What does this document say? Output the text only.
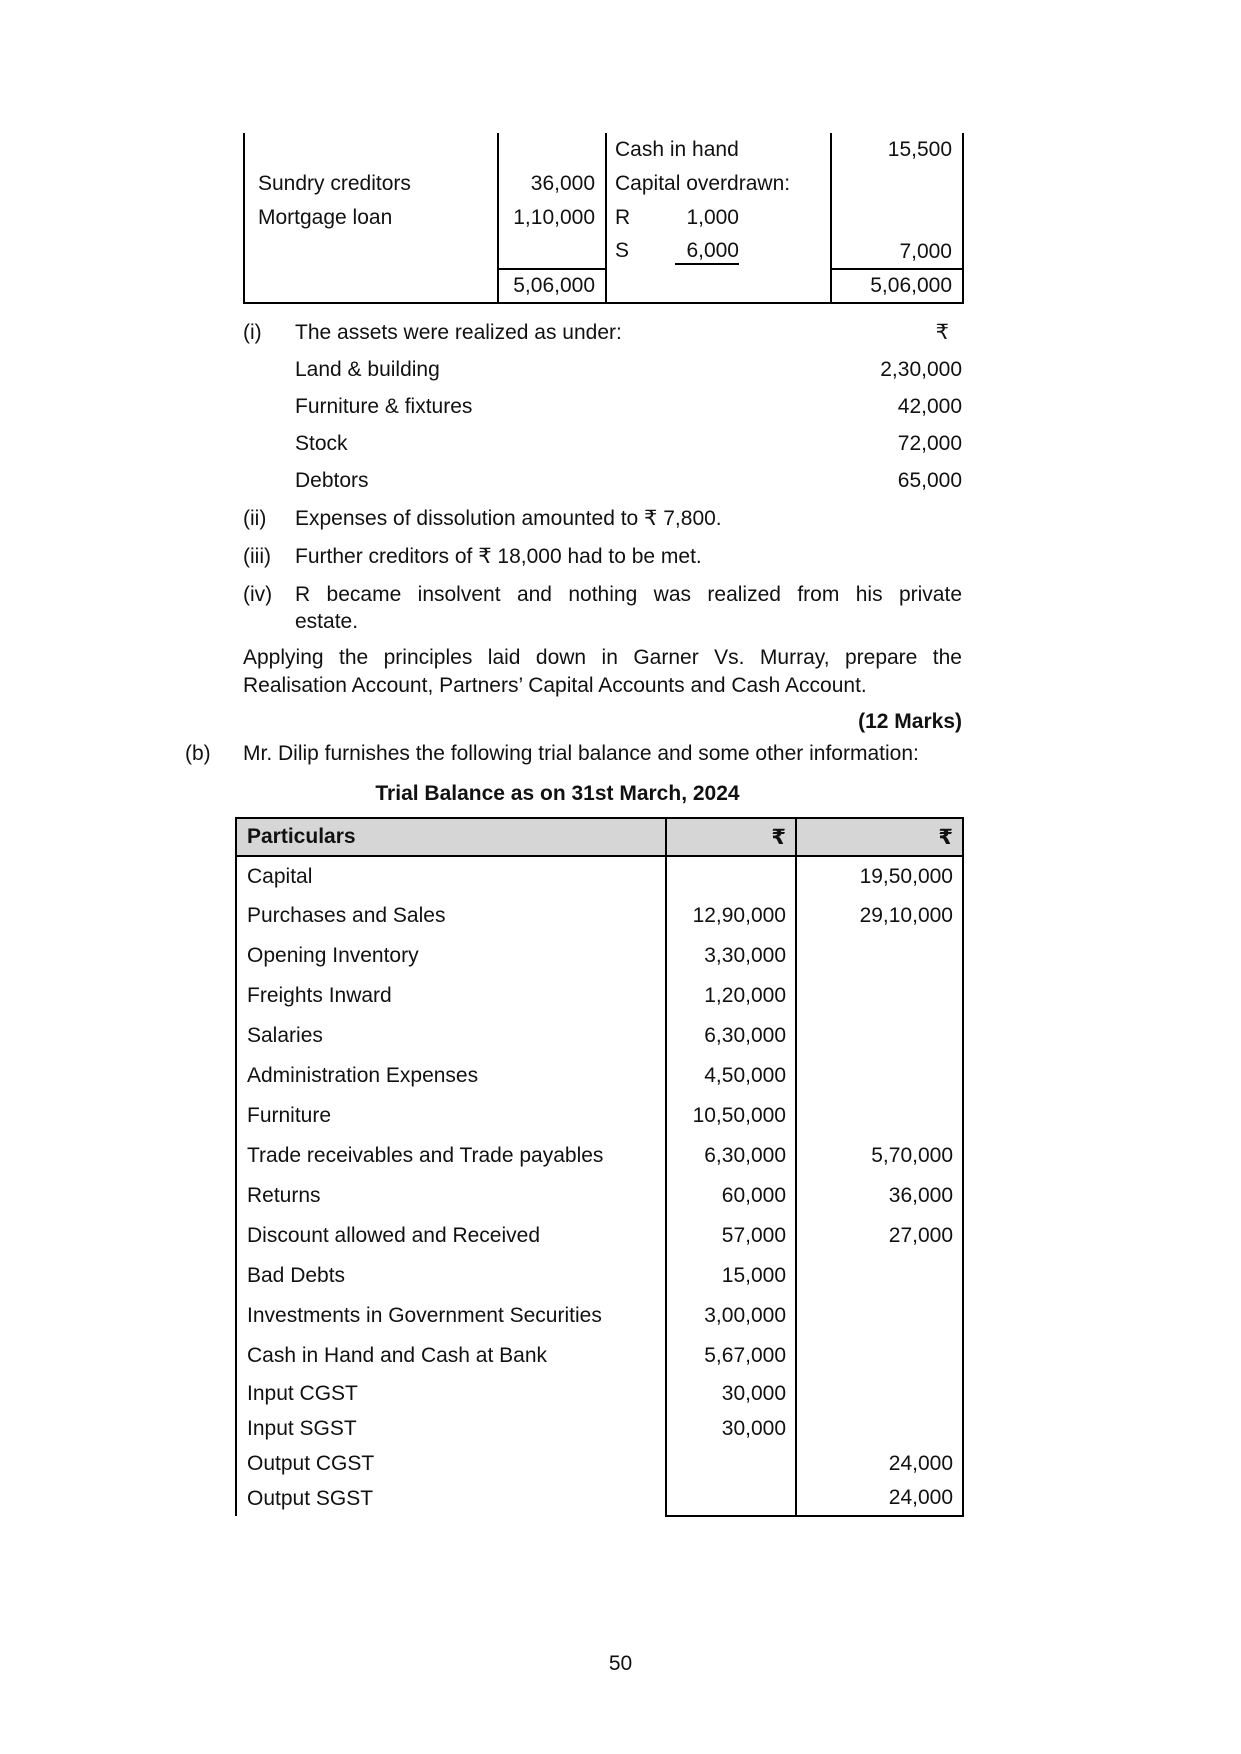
		Cash in hand	15,500
Sundry creditors	36,000	Capital overdrawn:	
Mortgage loan	1,10,000	R 1,000	
		S 6,000	7,000
	5,06,000		5,06,000
(i)	The assets were realized as under:	₹
Land & building	2,30,000
Furniture & fixtures	42,000
Stock	72,000
Debtors	65,000
(ii)	Expenses of dissolution amounted to ₹ 7,800.
(iii)	Further creditors of ₹ 18,000 had to be met.
(iv)	R became insolvent and nothing was realized from his private
estate.
Applying the principles laid down in Garner Vs. Murray, prepare the
Realisation Account, Partners’ Capital Accounts and Cash Account.
(12 Marks)
(b)	Mr. Dilip furnishes the following trial balance and some other information:
Trial Balance as on 31st March, 2024
Particulars	₹	₹
Capital		19,50,000
Purchases and Sales	12,90,000	29,10,000
Opening Inventory	3,30,000	
Freights Inward	1,20,000	
Salaries	6,30,000	
Administration Expenses	4,50,000	
Furniture	10,50,000	
Trade receivables and Trade payables	6,30,000	5,70,000
Returns	60,000	36,000
Discount allowed and Received	57,000	27,000
Bad Debts	15,000	
Investments in Government Securities	3,00,000	
Cash in Hand and Cash at Bank	5,67,000	
Input CGST	30,000	
Input SGST	30,000	
Output CGST		24,000
Output SGST		24,000
50
